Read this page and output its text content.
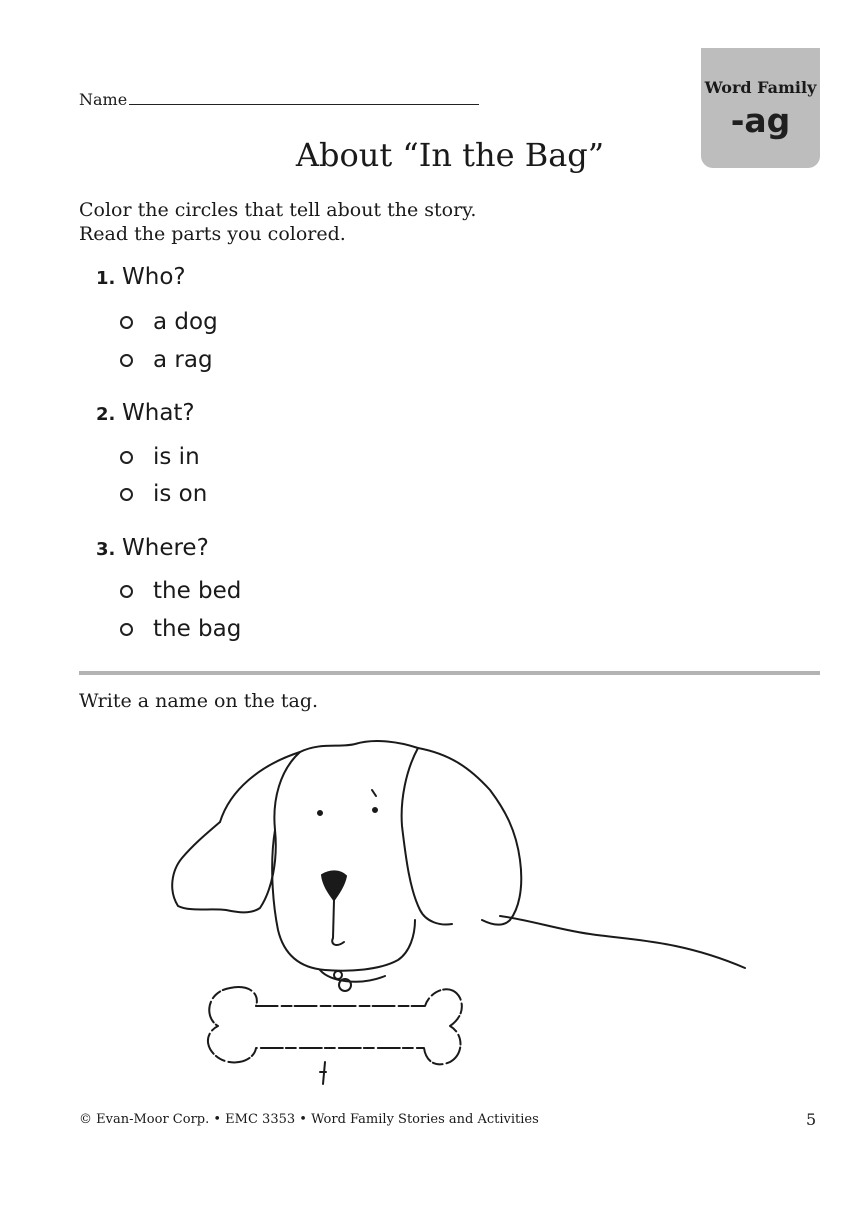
Name
Word Family
-ag
About “In the Bag”
Color the circles that tell about the story.
Read the parts you colored.
1. Who?
a dog
a rag
2. What?
is in
is on
3. Where?
the bed
the bag
Write a name on the tag.
© Evan-Moor Corp. • EMC 3353 • Word Family Stories and Activities	5
